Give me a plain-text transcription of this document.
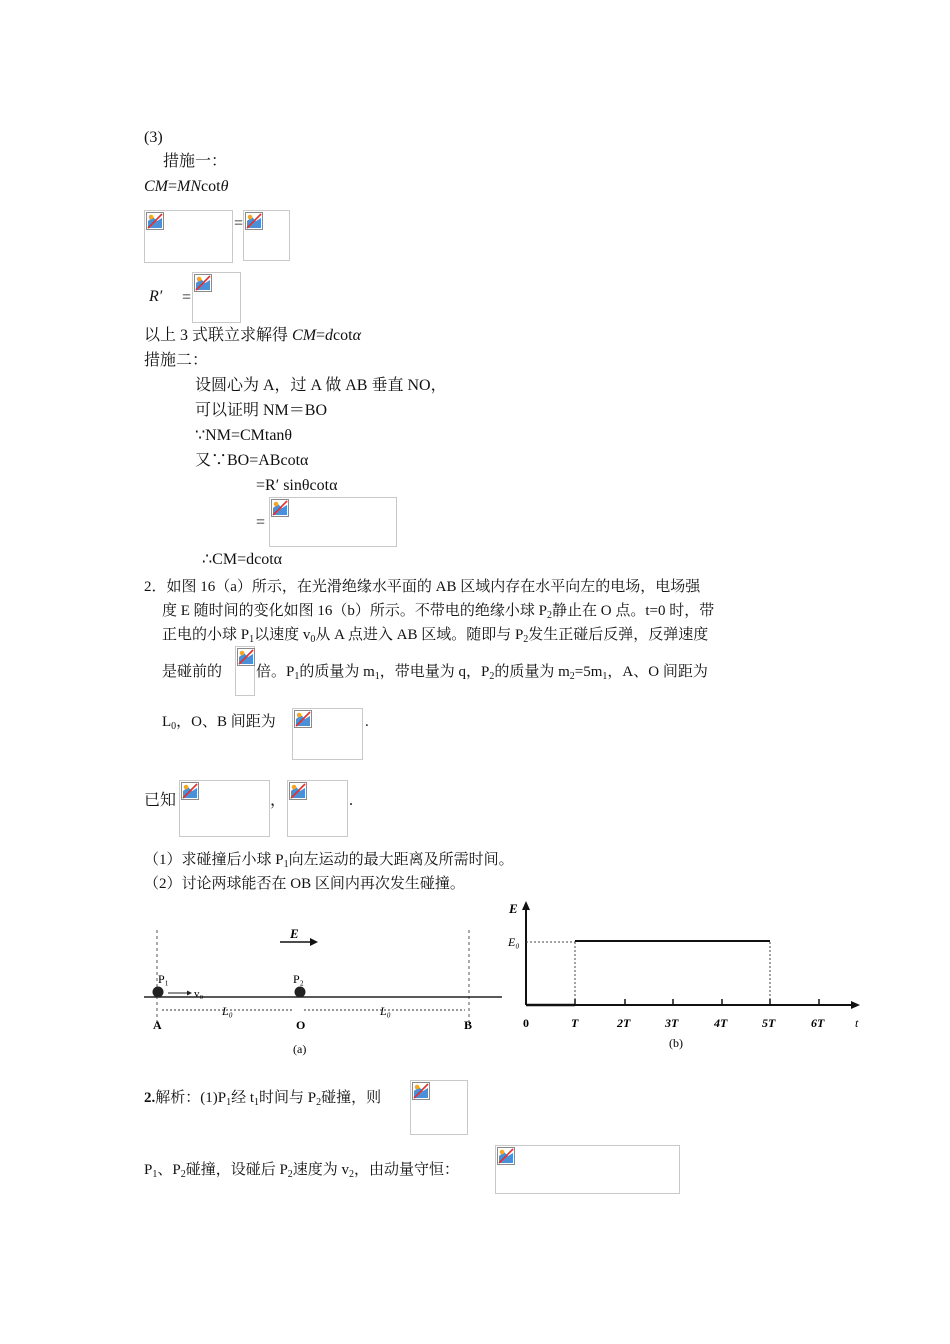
(3)
措施一：
CM=MNcotθ
=
R′ =
以上 3 式联立求解得 CM=dcotα
措施二：
设圆心为 A，过 A 做 AB 垂直 NO，
可以证明 NM＝BO
∵NM=CMtanθ
又∵BO=ABcotα
=R′ sinθcotα
=
∴CM=dcotα
2．如图 16（a）所示，在光滑绝缘水平面的 AB 区域内存在水平向左的电场，电场强
度 E 随时间的变化如图 16（b）所示。不带电的绝缘小球 $P_2$静止在 O 点。t=0 时，带
正电的小球 $P_1$以速度 $v_0$从 A 点进入 AB 区域。随即与 $P_2$发生正碰后反弹，反弹速度
是碰前的 倍。$P_1$的质量为 $m_1$，带电量为 q，$P_2$的质量为 $m_2=5m_1$，A、O 间距为
$L_0$，O、B 间距为	.
已知	，	.
（1）求碰撞后小球 $P_1$向左运动的最大距离及所需时间。
（2）讨论两球能否在 OB 区间内再次发生碰撞。
E
P₁	P₂
v₀
L₀	L₀
A	O	B
(a)
E
E₀
0	T	2T	3T	4T	5T	6T	t
(b)
2.解析：$(1)P_1$经 $t_1$时间与 $P_2$碰撞，则
$P_1$、$P_2$碰撞，设碰后 $P_2$速度为 $v_2$，由动量守恒：
